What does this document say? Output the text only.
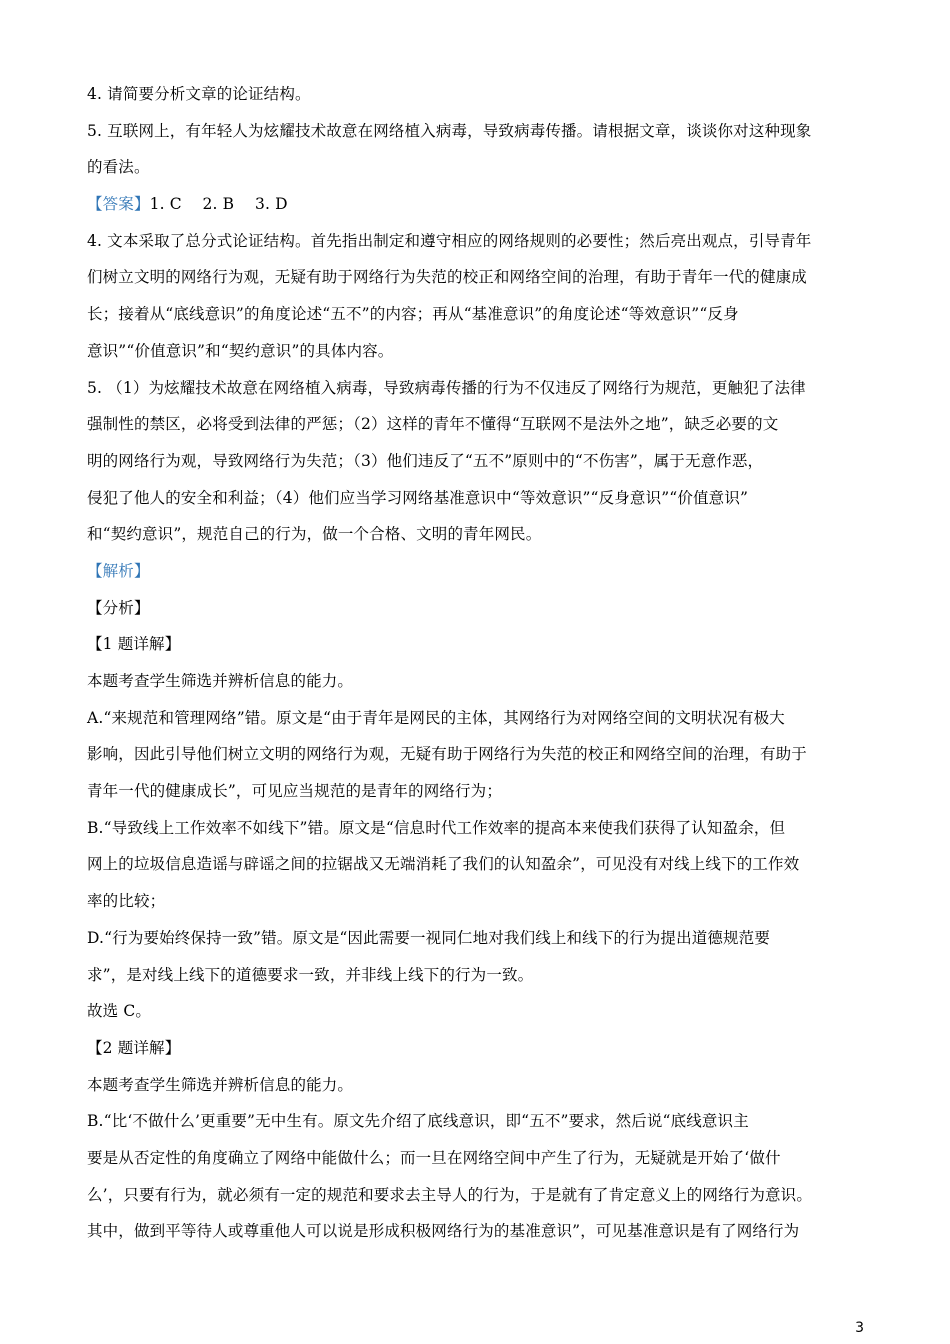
4. 请简要分析文章的论证结构。
5. 互联网上，有年轻人为炫耀技术故意在网络植入病毒，导致病毒传播。请根据文章，谈谈你对这种现象
的看法。
【答案】1. C　 2. B　 3. D
4. 文本采取了总分式论证结构。首先指出制定和遵守相应的网络规则的必要性；然后亮出观点，引导青年
们树立文明的网络行为观，无疑有助于网络行为失范的校正和网络空间的治理，有助于青年一代的健康成
长；接着从“底线意识”的角度论述“五不”的内容；再从“基准意识”的角度论述“等效意识”“反身
意识”“价值意识”和“契约意识”的具体内容。
5. （1）为炫耀技术故意在网络植入病毒，导致病毒传播的行为不仅违反了网络行为规范，更触犯了法律
强制性的禁区，必将受到法律的严惩；（2）这样的青年不懂得“互联网不是法外之地”，缺乏必要的文
明的网络行为观，导致网络行为失范；（3）他们违反了“五不”原则中的“不伤害”，属于无意作恶，
侵犯了他人的安全和利益；（4）他们应当学习网络基准意识中“等效意识”“反身意识”“价值意识”
和“契约意识”，规范自己的行为，做一个合格、文明的青年网民。
【解析】
【分析】
【1 题详解】
本题考查学生筛选并辨析信息的能力。
A.“来规范和管理网络”错。原文是“由于青年是网民的主体，其网络行为对网络空间的文明状况有极大
影响，因此引导他们树立文明的网络行为观，无疑有助于网络行为失范的校正和网络空间的治理，有助于
青年一代的健康成长”，可见应当规范的是青年的网络行为；
B.“导致线上工作效率不如线下”错。原文是“信息时代工作效率的提高本来使我们获得了认知盈余，但
网上的垃圾信息造谣与辟谣之间的拉锯战又无端消耗了我们的认知盈余”，可见没有对线上线下的工作效
率的比较；
D.“行为要始终保持一致”错。原文是“因此需要一视同仁地对我们线上和线下的行为提出道德规范要
求”，是对线上线下的道德要求一致，并非线上线下的行为一致。
故选 C。
【2 题详解】
本题考查学生筛选并辨析信息的能力。
B.“比‘不做什么’更重要”无中生有。原文先介绍了底线意识，即“五不”要求，然后说“底线意识主
要是从否定性的角度确立了网络中能做什么；而一旦在网络空间中产生了行为，无疑就是开始了‘做什
么’，只要有行为，就必须有一定的规范和要求去主导人的行为，于是就有了肯定意义上的网络行为意识。
其中，做到平等待人或尊重他人可以说是形成积极网络行为的基准意识”，可见基准意识是有了网络行为
3
